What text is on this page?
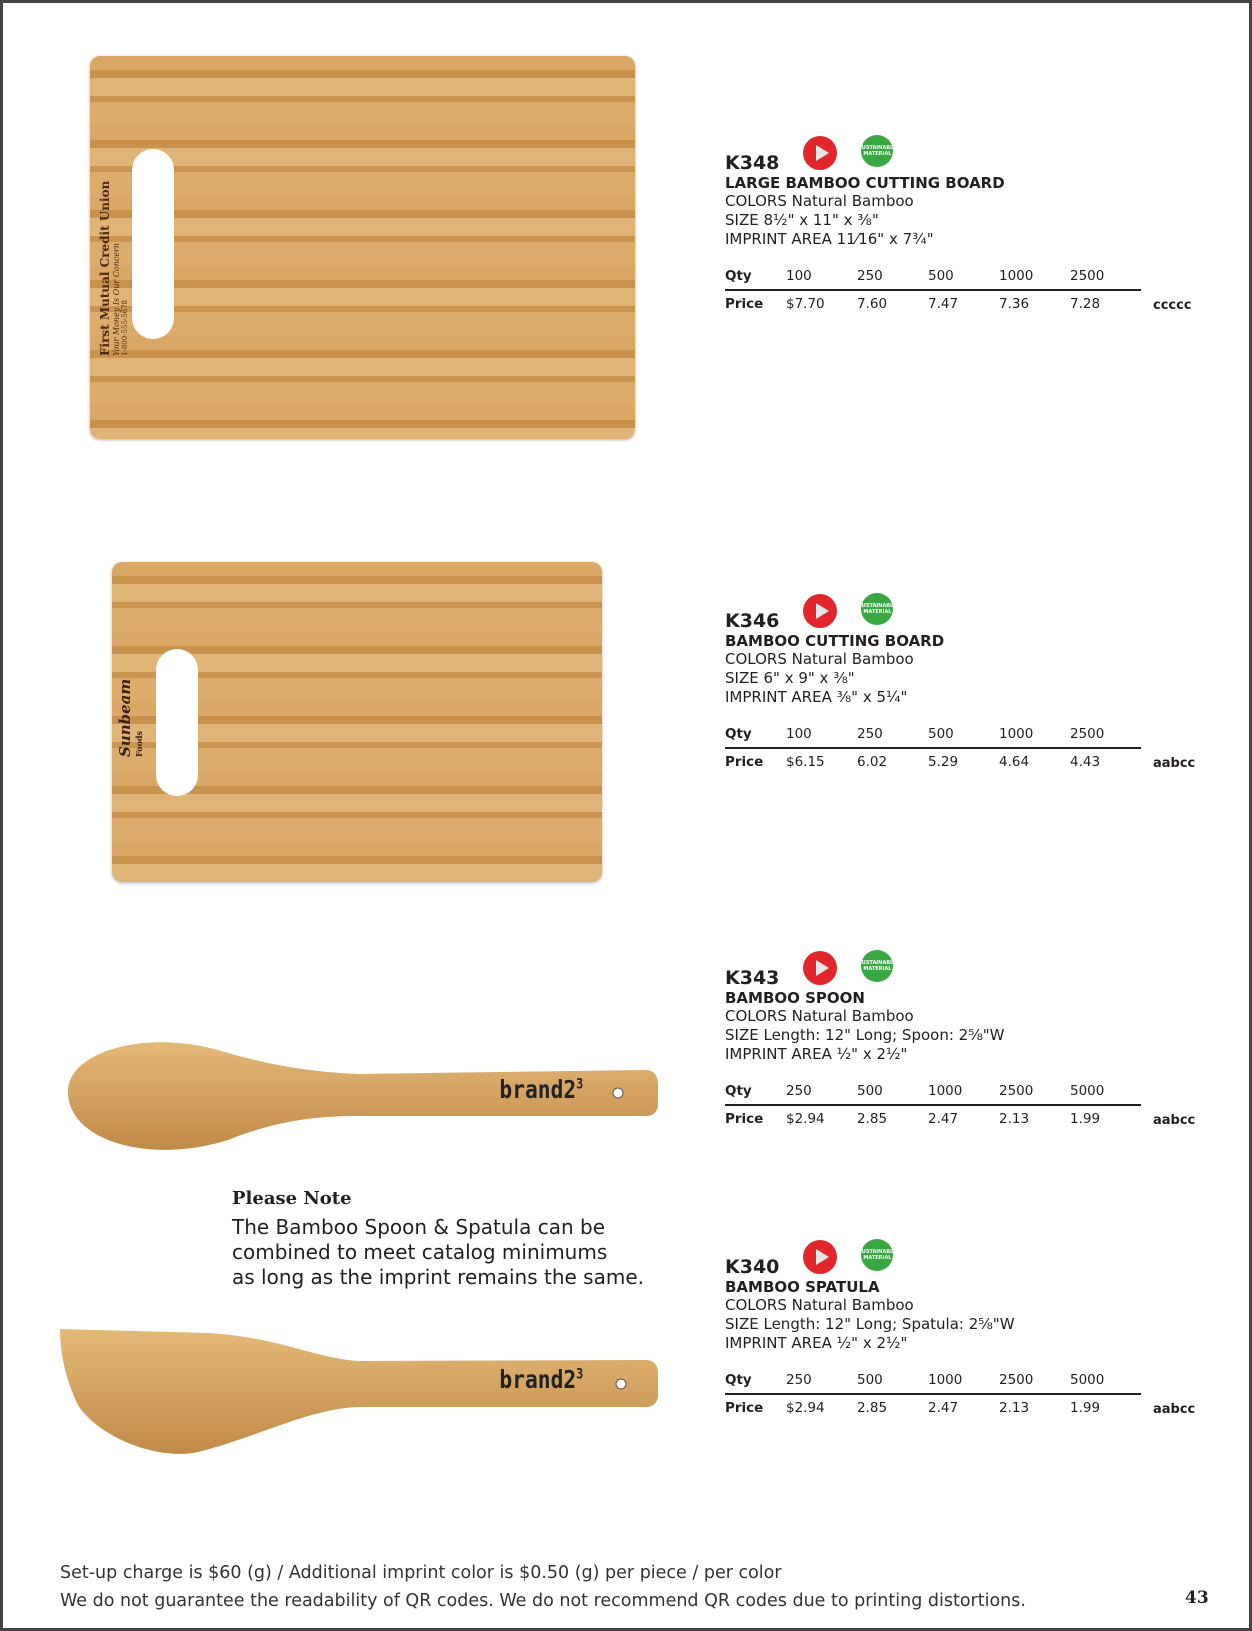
First Mutual Credit Union Your Money Is Our Concern 1-800-555-5678
Sunbeam Foods
$brand2^3$
$brand2^3$
Please Note
The Bamboo Spoon & Spatula can be
combined to meet catalog minimums
as long as the imprint remains the same.
K348
SUSTAINABLE MATERIAL
LARGE BAMBOO CUTTING BOARD
COLORS Natural Bamboo
SIZE 8½" x 11" x ⅜"
IMPRINT AREA 11⁄16" x 7¾"
Qty	100	250	500	1000	2500
Price	$7.70	7.60	7.47	7.36	7.28	ccccc
K346
SUSTAINABLE MATERIAL
BAMBOO CUTTING BOARD
COLORS Natural Bamboo
SIZE 6" x 9" x ⅜"
IMPRINT AREA ⅜" x 5¼"
Qty	100	250	500	1000	2500
Price	$6.15	6.02	5.29	4.64	4.43	aabcc
K343
SUSTAINABLE MATERIAL
BAMBOO SPOON
COLORS Natural Bamboo
SIZE Length: 12" Long; Spoon: 2⅝"W
IMPRINT AREA ½" x 2½"
Qty	250	500	1000	2500	5000
Price	$2.94	2.85	2.47	2.13	1.99	aabcc
K340
SUSTAINABLE MATERIAL
BAMBOO SPATULA
COLORS Natural Bamboo
SIZE Length: 12" Long; Spatula: 2⅝"W
IMPRINT AREA ½" x 2½"
Qty	250	500	1000	2500	5000
Price	$2.94	2.85	2.47	2.13	1.99	aabcc
Set-up charge is $60 (g) / Additional imprint color is $0.50 (g) per piece / per color
We do not guarantee the readability of QR codes. We do not recommend QR codes due to printing distortions.	43
